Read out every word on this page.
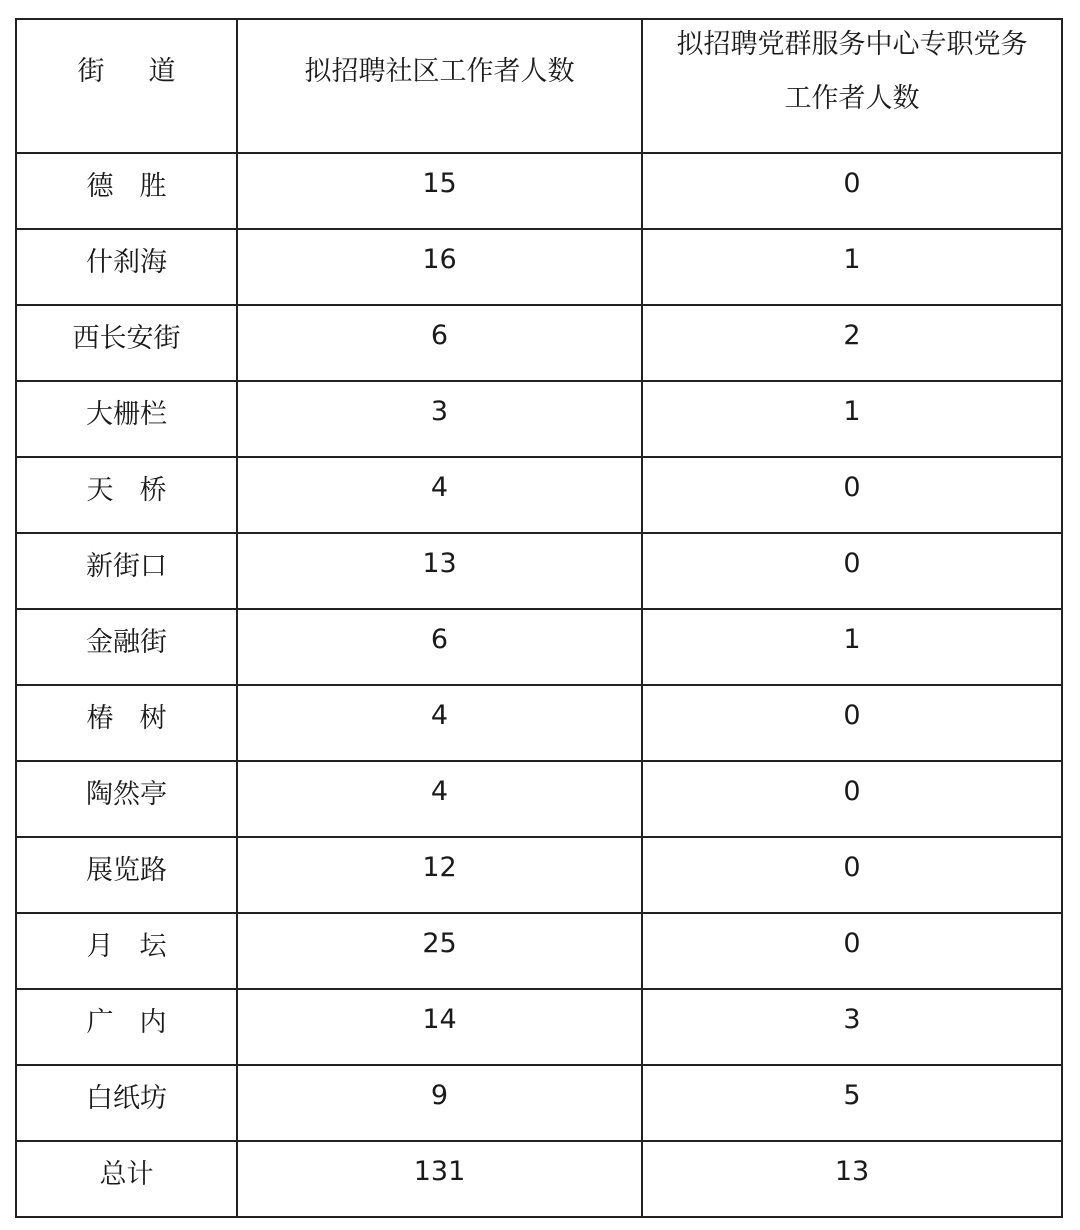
街 道	拟招聘社区工作者人数	拟招聘党群服务中心专职党务
工作者人数

德 胜	15	0

什刹海	16	1

西长安街	6	2

大栅栏	3	1

天 桥	4	0

新街口	13	0

金融街	6	1

椿 树	4	0

陶然亭	4	0

展览路	12	0

月 坛	25	0

广 内	14	3

白纸坊	9	5

总计	131	13
